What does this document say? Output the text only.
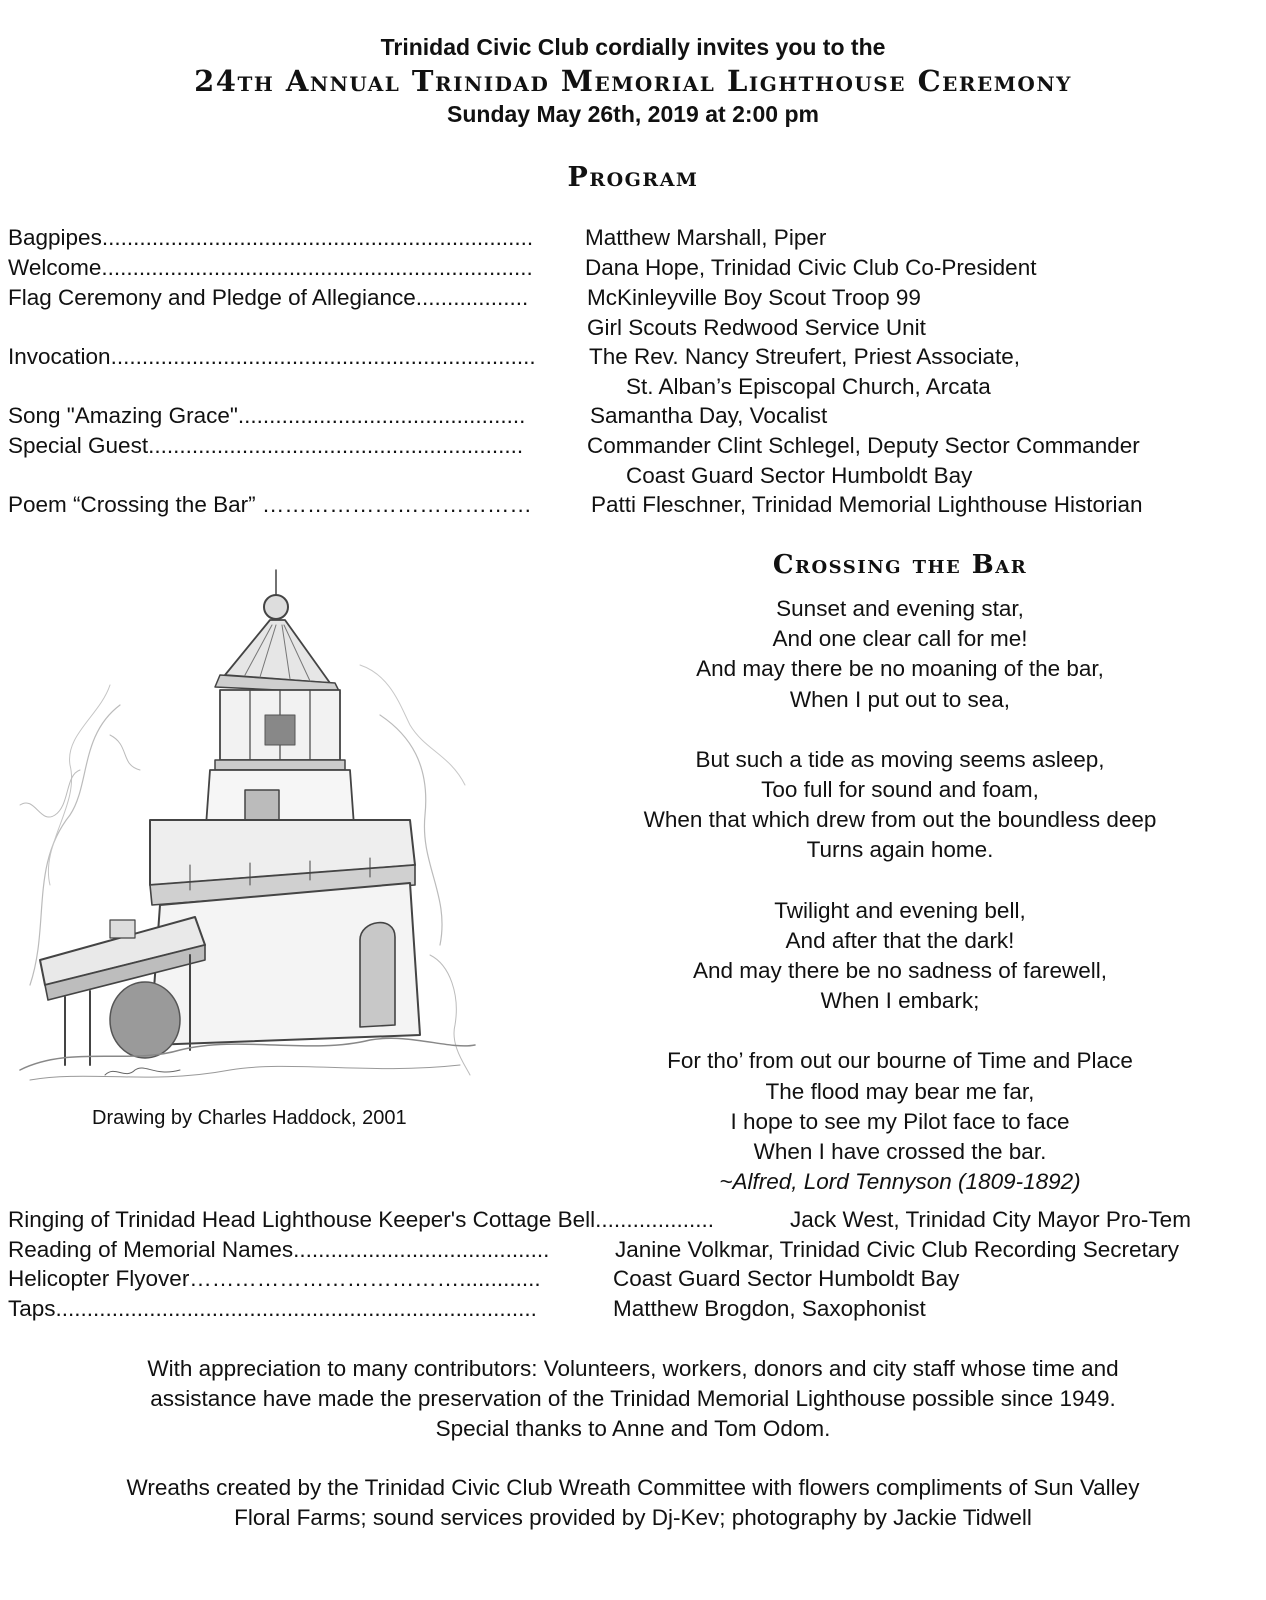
Trinidad Civic Club cordially invites you to the
24th Annual Trinidad Memorial Lighthouse Ceremony
Sunday May 26th, 2019 at 2:00 pm
Program
Bagpipes..................................................................... Matthew Marshall, Piper
Welcome..................................................................... Dana Hope, Trinidad Civic Club Co-President
Flag Ceremony and Pledge of Allegiance..................	McKinleyville Boy Scout Troop 99
Girl Scouts Redwood Service Unit
Invocation.................................................................... The Rev. Nancy Streufert, Priest Associate,
St. Alban’s Episcopal Church, Arcata
Song "Amazing Grace"..............................................	Samantha Day, Vocalist
Special Guest............................................................	Commander Clint Schlegel, Deputy Sector Commander
Coast Guard Sector Humboldt Bay
Poem “Crossing the Bar” ………………………………	Patti Fleschner, Trinidad Memorial Lighthouse Historian
Drawing by Charles Haddock, 2001
Crossing the Bar
Sunset and evening star,
And one clear call for me!
And may there be no moaning of the bar,
When I put out to sea,
But such a tide as moving seems asleep,
Too full for sound and foam,
When that which drew from out the boundless deep
Turns again home.
Twilight and evening bell,
And after that the dark!
And may there be no sadness of farewell,
When I embark;
For tho’ from out our bourne of Time and Place
The flood may bear me far,
I hope to see my Pilot face to face
When I have crossed the bar.
~Alfred, Lord Tennyson (1809-1892)
Ringing of Trinidad Head Lighthouse Keeper's Cottage Bell...................	Jack West, Trinidad City Mayor Pro-Tem
Reading of Memorial Names.........................................	Janine Volkmar, Trinidad Civic Club Recording Secretary
Helicopter Flyover……………………………….............	Coast Guard Sector Humboldt Bay
Taps.............................................................................	Matthew Brogdon, Saxophonist
With appreciation to many contributors: Volunteers, workers, donors and city staff whose time and
assistance have made the preservation of the Trinidad Memorial Lighthouse possible since 1949.
Special thanks to Anne and Tom Odom.
Wreaths created by the Trinidad Civic Club Wreath Committee with flowers compliments of Sun Valley
Floral Farms; sound services provided by Dj-Kev; photography by Jackie Tidwell
